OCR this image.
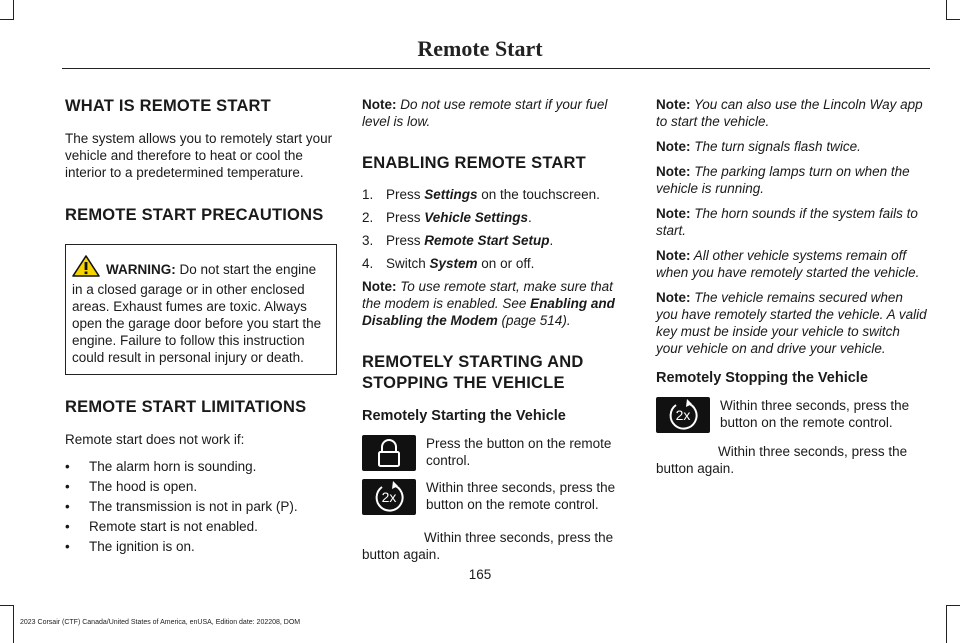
Remote Start
WHAT IS REMOTE START

The system allows you to remotely start your vehicle and therefore to heat or cool the interior to a predetermined temperature.

REMOTE START PRECAUTIONS
WARNING: Do not start the engine in a closed garage or in other enclosed areas. Exhaust fumes are toxic. Always open the garage door before you start the engine. Failure to follow this instruction could result in personal injury or death.
REMOTE START LIMITATIONS

Remote start does not work if:

• The alarm horn is sounding.
• The hood is open.
• The transmission is not in park (P).
• Remote start is not enabled.
• The ignition is on.

Note: Do not use remote start if your fuel level is low.

ENABLING REMOTE START
1. Press Settings on the touchscreen.
2. Press Vehicle Settings.
3. Press Remote Start Setup.
4. Switch System on or off.

Note: To use remote start, make sure that the modem is enabled. See Enabling and Disabling the Modem (page 514).

REMOTELY STARTING AND
STOPPING THE VEHICLE
Remotely Starting the Vehicle

Press the button on the remote control.

2x

Within three seconds, press the button on the remote control.

Within three seconds, press the button again.

Note: You can also use the Lincoln Way app to start the vehicle.

Note: The turn signals flash twice.

Note: The parking lamps turn on when the vehicle is running.

Note: The horn sounds if the system fails to start.

Note: All other vehicle systems remain off when you have remotely started the vehicle.

Note: The vehicle remains secured when you have remotely started the vehicle. A valid key must be inside your vehicle to switch your vehicle on and drive your vehicle.

Remotely Stopping the Vehicle
2x

Within three seconds, press the button on the remote control.

Within three seconds, press the button again.

165
2023 Corsair (CTF) Canada/United States of America, enUSA, Edition date: 202208, DOM
